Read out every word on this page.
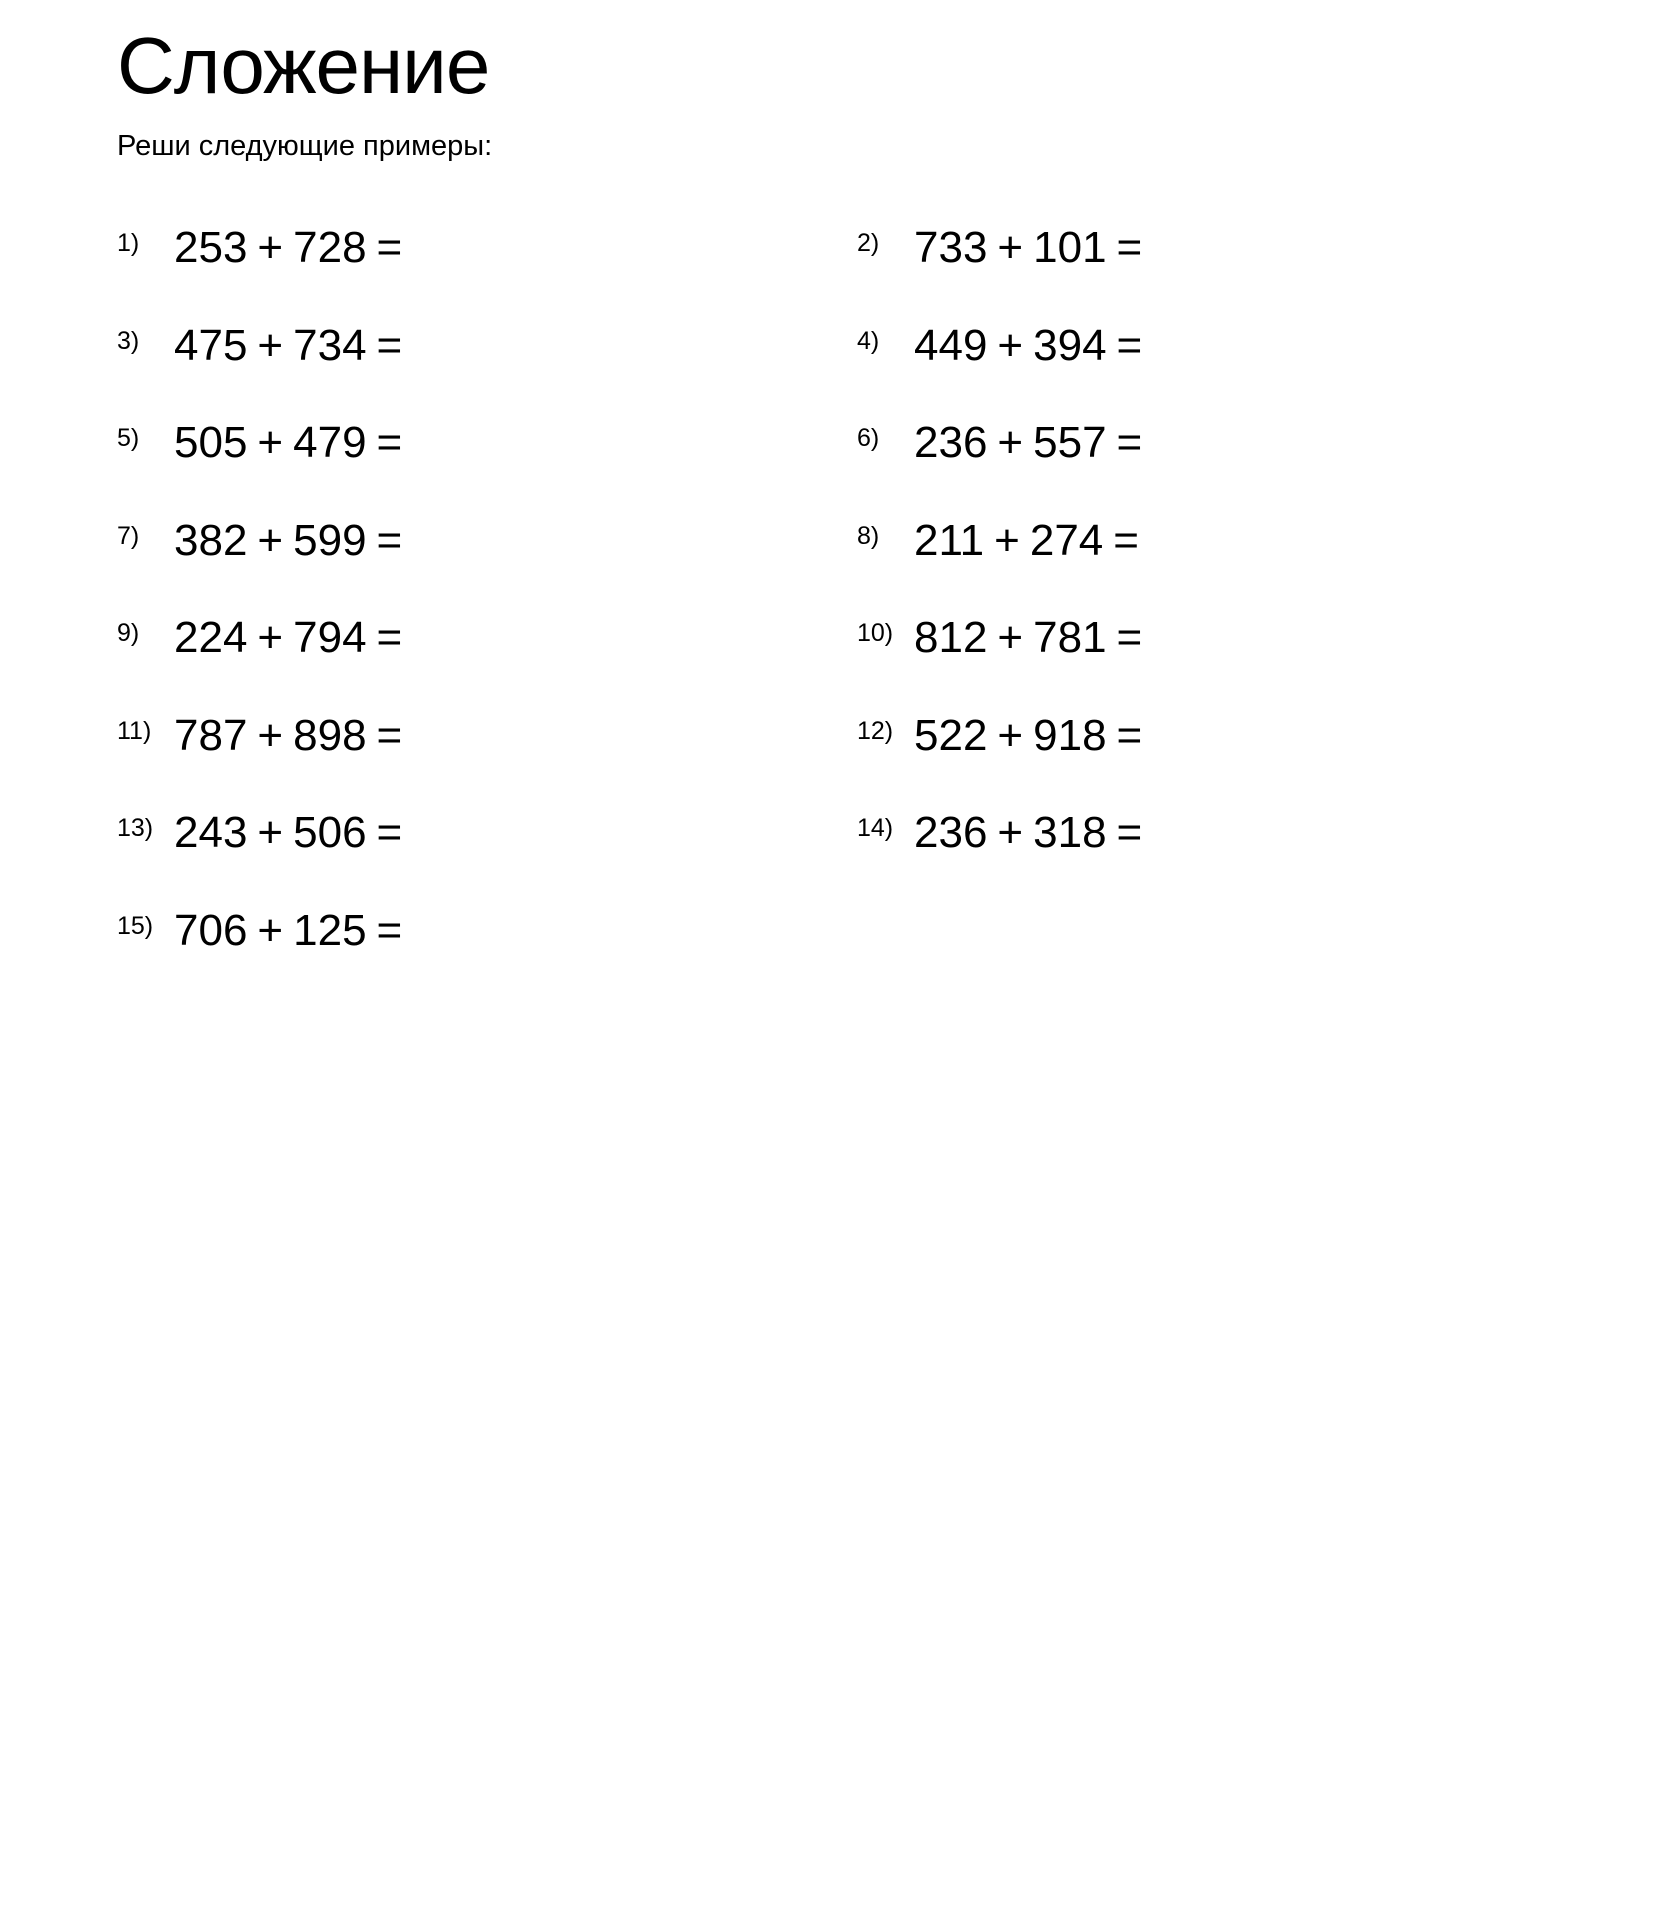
Сложение

Реши следующие примеры:

1) 253 + 728 =	2) 733 + 101 =
3) 475 + 734 =	4) 449 + 394 =
5) 505 + 479 =	6) 236 + 557 =
7) 382 + 599 =	8) 211 + 274 =
9) 224 + 794 =	10) 812 + 781 =
11) 787 + 898 =	12) 522 + 918 =
13) 243 + 506 =	14) 236 + 318 =
15) 706 + 125 =
